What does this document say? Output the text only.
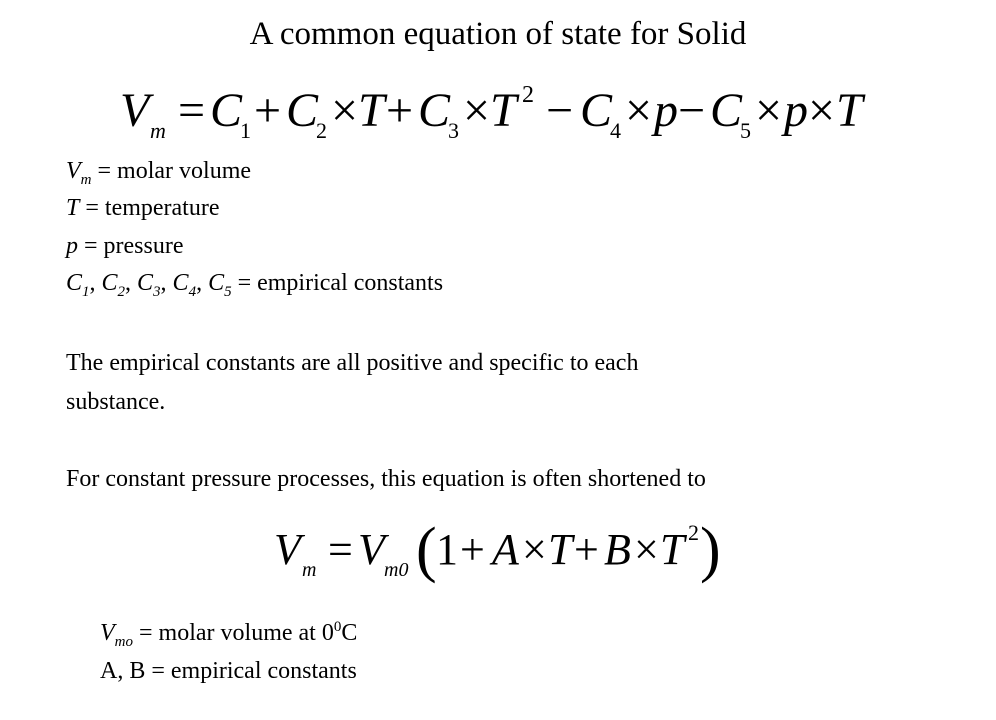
A common equation of state for Solid
V m = C
1 + C
2 × T + C
3 × T 2 − C
4 × p − C
5 × p × T
$V_m$ = molar volume
T = temperature
p = pressure
$C_1$, $C_2$, $C_3$, $C_4$, $C_5$ = empirical constants
The empirical constants are all positive and specific to each
substance.
For constant pressure processes, this equation is often shortened to
V m = V m0 ( 1 + A × T + B × T 2 )
$V_{mo}$ = molar volume at $0^0C$
A, B = empirical constants
